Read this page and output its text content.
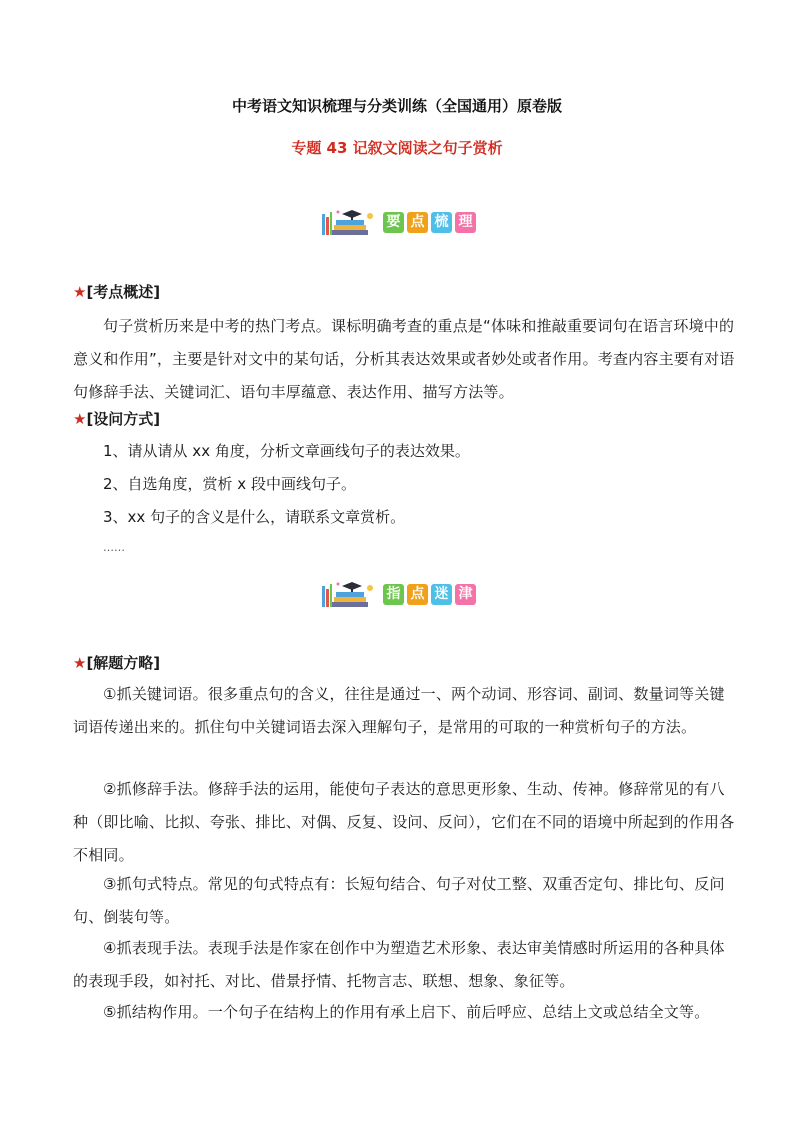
中考语文知识梳理与分类训练（全国通用）原卷版
专题 43 记叙文阅读之句子赏析
要 点 梳 理

★[考点概述]

句子赏析历来是中考的热门考点。课标明确考查的重点是“体味和推敲重要词句在语言环境中的意义和作用”，主要是针对文中的某句话，分析其表达效果或者妙处或者作用。考查内容主要有对语句修辞手法、关键词汇、语句丰厚蕴意、表达作用、描写方法等。

★[设问方式]

1、请从请从 xx 角度，分析文章画线句子的表达效果。

2、自选角度，赏析 x 段中画线句子。

3、xx 句子的含义是什么，请联系文章赏析。

……

指 点 迷 津

★[解题方略]

①抓关键词语。很多重点句的含义，往往是通过一、两个动词、形容词、副词、数量词等关键词语传递出来的。抓住句中关键词语去深入理解句子，是常用的可取的一种赏析句子的方法。

②抓修辞手法。修辞手法的运用，能使句子表达的意思更形象、生动、传神。修辞常见的有八种（即比喻、比拟、夸张、排比、对偶、反复、设问、反问），它们在不同的语境中所起到的作用各不相同。

③抓句式特点。常见的句式特点有：长短句结合、句子对仗工整、双重否定句、排比句、反问句、倒装句等。

④抓表现手法。表现手法是作家在创作中为塑造艺术形象、表达审美情感时所运用的各种具体的表现手段，如衬托、对比、借景抒情、托物言志、联想、想象、象征等。

⑤抓结构作用。一个句子在结构上的作用有承上启下、前后呼应、总结上文或总结全文等。
